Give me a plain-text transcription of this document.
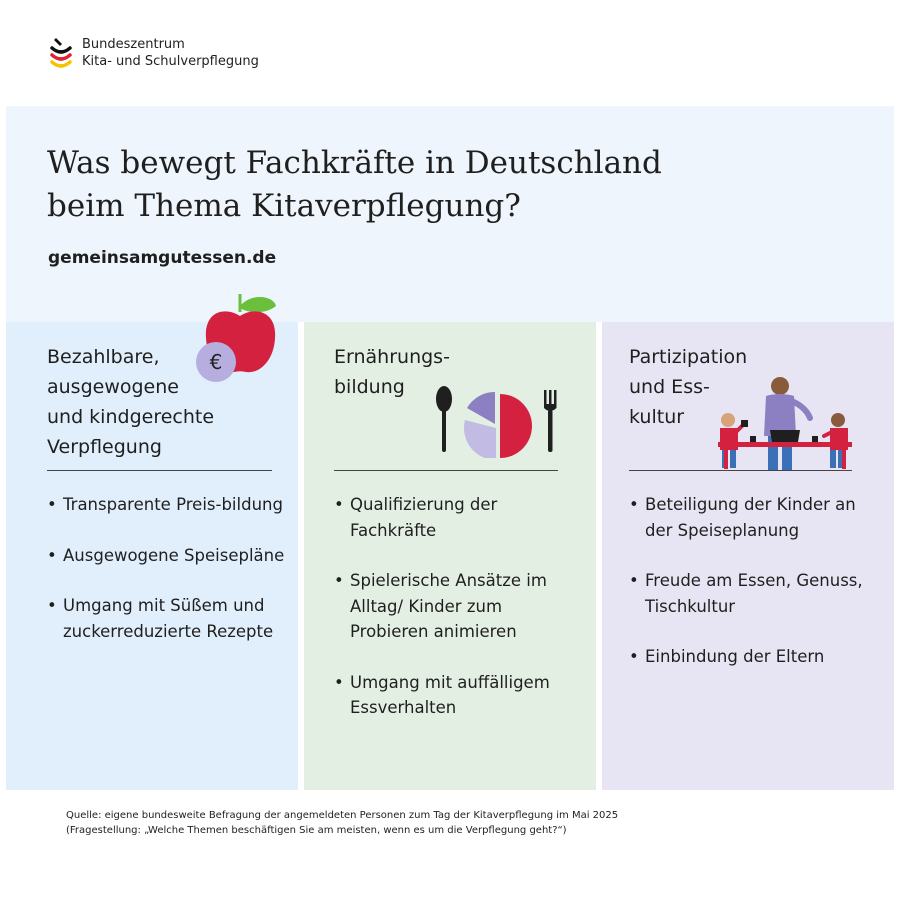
Bundeszentrum
Kita- und Schulverpflegung
Was bewegt Fachkräfte in Deutschland
beim Thema Kitaverpflegung?
gemeinsamgutessen.de
Bezahlbare,
ausgewogene
und kindgerechte
Verpflegung
€
• Transparente Preis-bildung
• Ausgewogene Speisepläne
• Umgang mit Süßem und zuckerreduzierte Rezepte
Ernährungs-
bildung
• Qualifizierung der Fachkräfte
• Spielerische Ansätze im Alltag/ Kinder zum Probieren animieren
• Umgang mit auffälligem Essverhalten
Partizipation
und Ess-
kultur
• Beteiligung der Kinder an der Speiseplanung
• Freude am Essen, Genuss, Tischkultur
• Einbindung der Eltern
Quelle: eigene bundesweite Befragung der angemeldeten Personen zum Tag der Kitaverpflegung im Mai 2025
(Fragestellung: „Welche Themen beschäftigen Sie am meisten, wenn es um die Verpflegung geht?“)
